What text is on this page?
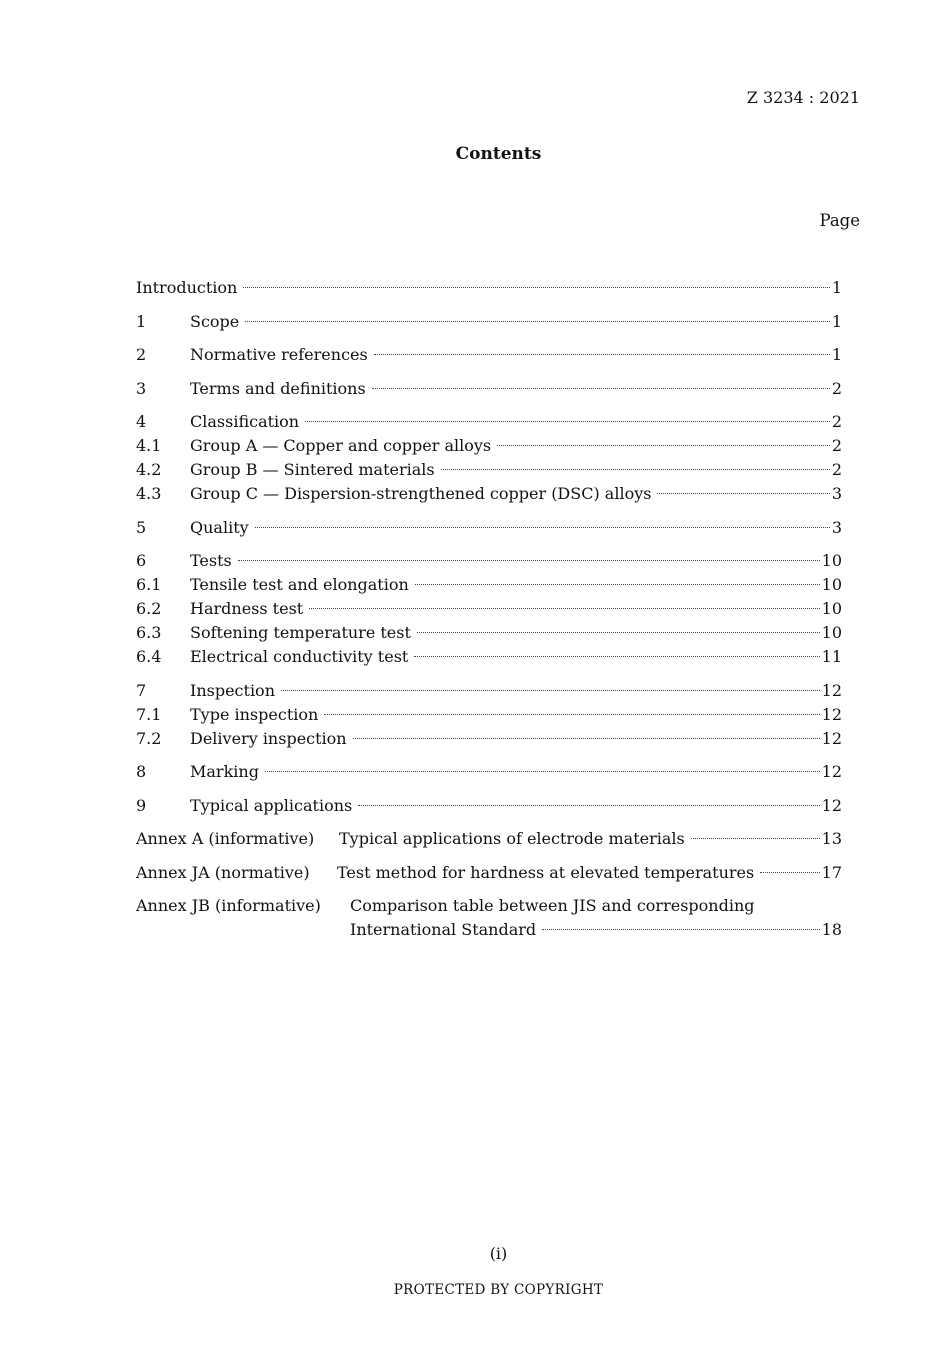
Z 3234 : 2021
Contents
Page
Introduction	1
1	Scope	1
2	Normative references	1
3	Terms and definitions	2
4	Classification	2
4.1	Group A — Copper and copper alloys	2
4.2	Group B — Sintered materials	2
4.3	Group C — Dispersion-strengthened copper (DSC) alloys	3
5	Quality	3
6	Tests	10
6.1	Tensile test and elongation	10
6.2	Hardness test	10
6.3	Softening temperature test	10
6.4	Electrical conductivity test	11
7	Inspection	12
7.1	Type inspection	12
7.2	Delivery inspection	12
8	Marking	12
9	Typical applications	12
Annex A (informative)	Typical applications of electrode materials	13
Annex JA (normative)	Test method for hardness at elevated temperatures	17
Annex JB (informative)	Comparison table between JIS and corresponding
International Standard	18
(i)
PROTECTED BY COPYRIGHT
